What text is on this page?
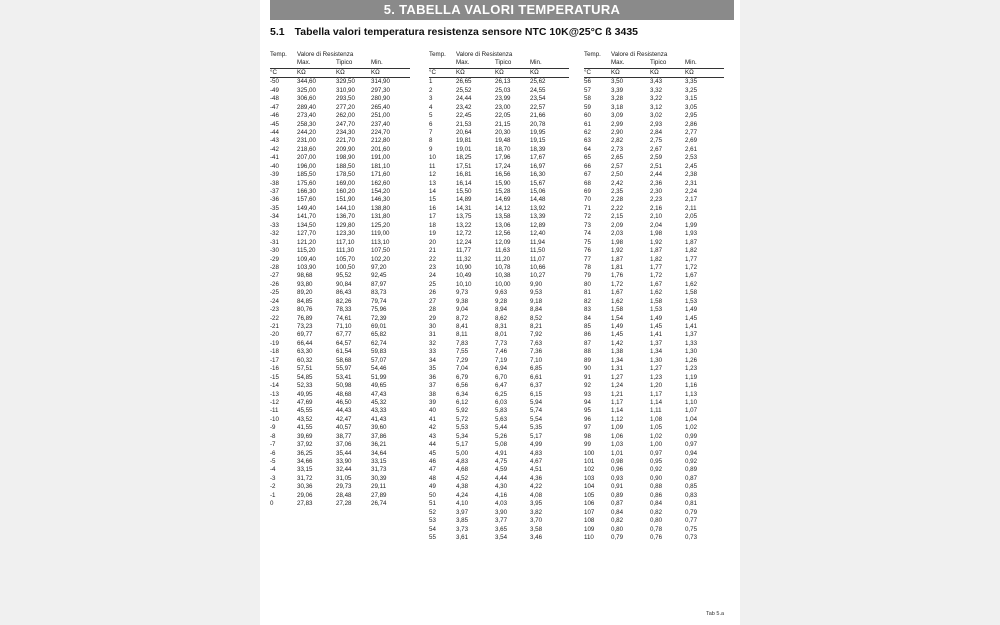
5. TABELLA VALORI TEMPERATURA
5.1 Tabella valori temperatura resistenza sensore NTC 10K@25°C ß 3435
Temp.	Valore di Resistenza
Max.	Tipico	Min.
°C	KΩ	KΩ	KΩ
-50	344,60	329,50	314,90
-49	325,00	310,90	297,30
-48	306,60	293,50	280,90
-47	289,40	277,20	265,40
-46	273,40	262,00	251,00
-45	258,30	247,70	237,40
-44	244,20	234,30	224,70
-43	231,00	221,70	212,80
-42	218,60	209,90	201,60
-41	207,00	198,90	191,00
-40	196,00	188,50	181,10
-39	185,50	178,50	171,60
-38	175,60	169,00	162,60
-37	166,30	160,20	154,20
-36	157,60	151,90	146,30
-35	149,40	144,10	138,80
-34	141,70	136,70	131,80
-33	134,50	129,80	125,20
-32	127,70	123,30	119,00
-31	121,20	117,10	113,10
-30	115,20	111,30	107,50
-29	109,40	105,70	102,20
-28	103,90	100,50	97,20
-27	98,68	95,52	92,45
-26	93,80	90,84	87,97
-25	89,20	86,43	83,73
-24	84,85	82,26	79,74
-23	80,76	78,33	75,96
-22	76,89	74,61	72,39
-21	73,23	71,10	69,01
-20	69,77	67,77	65,82
-19	66,44	64,57	62,74
-18	63,30	61,54	59,83
-17	60,32	58,68	57,07
-16	57,51	55,97	54,46
-15	54,85	53,41	51,99
-14	52,33	50,98	49,65
-13	49,95	48,68	47,43
-12	47,69	46,50	45,32
-11	45,55	44,43	43,33
-10	43,52	42,47	41,43
-9	41,55	40,57	39,60
-8	39,69	38,77	37,86
-7	37,92	37,06	36,21
-6	36,25	35,44	34,64
-5	34,66	33,90	33,15
-4	33,15	32,44	31,73
-3	31,72	31,05	30,39
-2	30,36	29,73	29,11
-1	29,06	28,48	27,89
0	27,83	27,28	26,74
Temp.	Valore di Resistenza
Max.	Tipico	Min.
°C	KΩ	KΩ	KΩ
1	26,65	26,13	25,62
2	25,52	25,03	24,55
3	24,44	23,99	23,54
4	23,42	23,00	22,57
5	22,45	22,05	21,66
6	21,53	21,15	20,78
7	20,64	20,30	19,95
8	19,81	19,48	19,15
9	19,01	18,70	18,39
10	18,25	17,96	17,67
11	17,51	17,24	16,97
12	16,81	16,56	16,30
13	16,14	15,90	15,67
14	15,50	15,28	15,06
15	14,89	14,69	14,48
16	14,31	14,12	13,92
17	13,75	13,58	13,39
18	13,22	13,06	12,89
19	12,72	12,56	12,40
20	12,24	12,09	11,94
21	11,77	11,63	11,50
22	11,32	11,20	11,07
23	10,90	10,78	10,66
24	10,49	10,38	10,27
25	10,10	10,00	9,90
26	9,73	9,63	9,53
27	9,38	9,28	9,18
28	9,04	8,94	8,84
29	8,72	8,62	8,52
30	8,41	8,31	8,21
31	8,11	8,01	7,92
32	7,83	7,73	7,63
33	7,55	7,46	7,36
34	7,29	7,19	7,10
35	7,04	6,94	6,85
36	6,79	6,70	6,61
37	6,56	6,47	6,37
38	6,34	6,25	6,15
39	6,12	6,03	5,94
40	5,92	5,83	5,74
41	5,72	5,63	5,54
42	5,53	5,44	5,35
43	5,34	5,26	5,17
44	5,17	5,08	4,99
45	5,00	4,91	4,83
46	4,83	4,75	4,67
47	4,68	4,59	4,51
48	4,52	4,44	4,36
49	4,38	4,30	4,22
50	4,24	4,16	4,08
51	4,10	4,03	3,95
52	3,97	3,90	3,82
53	3,85	3,77	3,70
54	3,73	3,65	3,58
55	3,61	3,54	3,46
Temp.	Valore di Resistenza
Max.	Tipico	Min.
°C	KΩ	KΩ	KΩ
56	3,50	3,43	3,35
57	3,39	3,32	3,25
58	3,28	3,22	3,15
59	3,18	3,12	3,05
60	3,09	3,02	2,95
61	2,99	2,93	2,86
62	2,90	2,84	2,77
63	2,82	2,75	2,69
64	2,73	2,67	2,61
65	2,65	2,59	2,53
66	2,57	2,51	2,45
67	2,50	2,44	2,38
68	2,42	2,36	2,31
69	2,35	2,30	2,24
70	2,28	2,23	2,17
71	2,22	2,16	2,11
72	2,15	2,10	2,05
73	2,09	2,04	1,99
74	2,03	1,98	1,93
75	1,98	1,92	1,87
76	1,92	1,87	1,82
77	1,87	1,82	1,77
78	1,81	1,77	1,72
79	1,76	1,72	1,67
80	1,72	1,67	1,62
81	1,67	1,62	1,58
82	1,62	1,58	1,53
83	1,58	1,53	1,49
84	1,54	1,49	1,45
85	1,49	1,45	1,41
86	1,45	1,41	1,37
87	1,42	1,37	1,33
88	1,38	1,34	1,30
89	1,34	1,30	1,26
90	1,31	1,27	1,23
91	1,27	1,23	1,19
92	1,24	1,20	1,16
93	1,21	1,17	1,13
94	1,17	1,14	1,10
95	1,14	1,11	1,07
96	1,12	1,08	1,04
97	1,09	1,05	1,02
98	1,06	1,02	0,99
99	1,03	1,00	0,97
100	1,01	0,97	0,94
101	0,98	0,95	0,92
102	0,96	0,92	0,89
103	0,93	0,90	0,87
104	0,91	0,88	0,85
105	0,89	0,86	0,83
106	0,87	0,84	0,81
107	0,84	0,82	0,79
108	0,82	0,80	0,77
109	0,80	0,78	0,75
110	0,79	0,76	0,73
Tab 5.a
